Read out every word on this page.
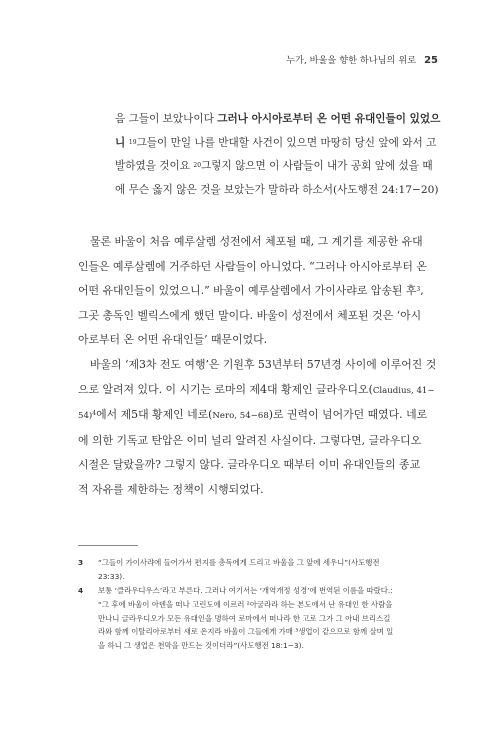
누가, 바울을 향한 하나님의 위로 25
음 그들이 보았나이다 그러나 아시아로부터 온 어떤 유대인들이 있었으
니 $^{19}$그들이 만일 나를 반대할 사건이 있으면 마땅히 당신 앞에 와서 고
발하였을 것이요 $^{20}$그렇지 않으면 이 사람들이 내가 공회 앞에 섰을 때
에 무슨 옳지 않은 것을 보았는가 말하라 하소서(사도행전 24:17−20)
물론 바울이 처음 예루살렘 성전에서 체포될 때, 그 계기를 제공한 유대
인들은 예루살렘에 거주하던 사람들이 아니었다. “그러나 아시아로부터 온
어떤 유대인들이 있었으니.” 바울이 예루살렘에서 가이사랴로 압송된 후$^3$,
그곳 총독인 벨릭스에게 했던 말이다. 바울이 성전에서 체포된 것은 ‘아시
아로부터 온 어떤 유대인들’ 때문이었다.
바울의 ‘제3차 전도 여행’은 기원후 53년부터 57년경 사이에 이루어진 것
으로 알려져 있다. 이 시기는 로마의 제4대 황제인 글라우디오(Claudius, 41−
54)$^4$에서 제5대 황제인 네로(Nero, 54−68)로 권력이 넘어가던 때였다. 네로
에 의한 기독교 탄압은 이미 널리 알려진 사실이다. 그렇다면, 글라우디오
시절은 달랐을까? 그렇지 않다. 글라우디오 때부터 이미 유대인들의 종교
적 자유를 제한하는 정책이 시행되었다.
3 “그들이 가이사랴에 들어가서 편지를 총독에게 드리고 바울을 그 앞에 세우니”(사도행전
23:33).
4 보통 ‘클라우디우스’라고 부른다. 그러나 여기서는 ‘개역개정 성경’에 번역된 이름을 따랐다.:
“그 후에 바울이 아덴을 떠나 고린도에 이르러 ²아굴라라 하는 본도에서 난 유대인 한 사람을
만나니 글라우디오가 모든 유대인을 명하여 로마에서 떠나라 한 고로 그가 그 아내 브리스길
라와 함께 이탈리아로부터 새로 온지라 바울이 그들에게 가매 ³생업이 같으므로 함께 살며 일
을 하니 그 생업은 천막을 만드는 것이더라”(사도행전 18:1−3).
